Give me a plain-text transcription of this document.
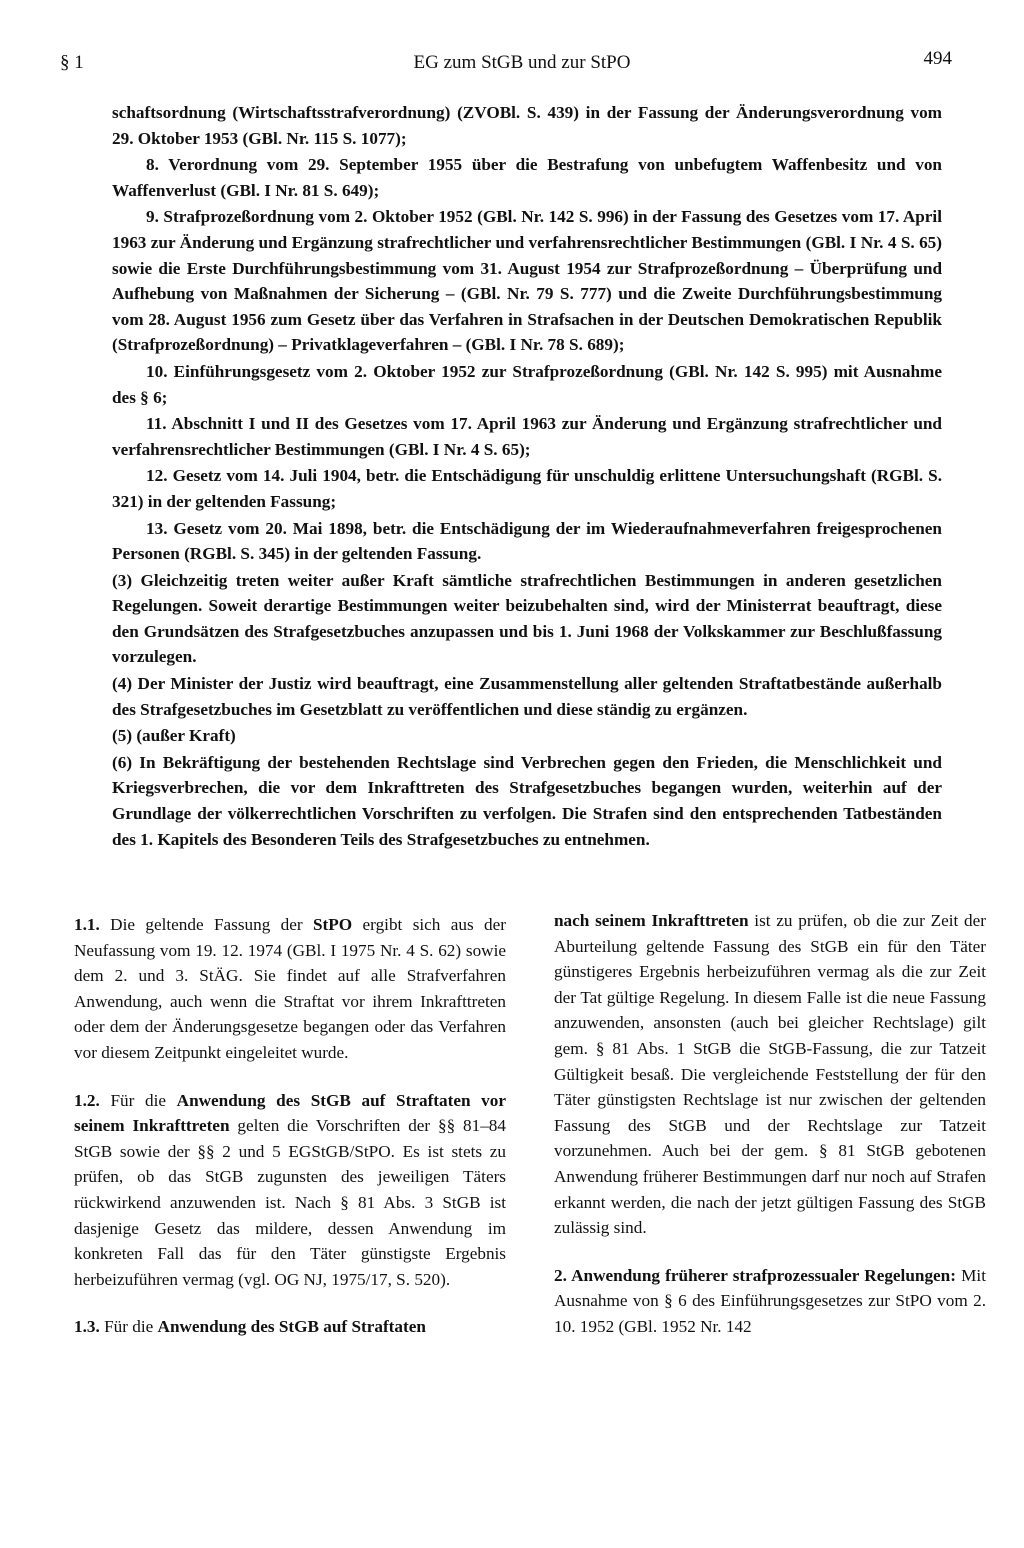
§ 1	EG zum StGB und zur StPO	494

schaftsordnung (Wirtschaftsstrafverordnung) (ZVOBl. S. 439) in der Fassung der Änderungsverordnung vom 29. Oktober 1953 (GBl. Nr. 115 S. 1077);

8. Verordnung vom 29. September 1955 über die Bestrafung von unbefugtem Waffenbesitz und von Waffenverlust (GBl. I Nr. 81 S. 649);

9. Strafprozeßordnung vom 2. Oktober 1952 (GBl. Nr. 142 S. 996) in der Fassung des Gesetzes vom 17. April 1963 zur Änderung und Ergänzung strafrechtlicher und verfahrensrechtlicher Bestimmungen (GBl. I Nr. 4 S. 65) sowie die Erste Durchführungsbestimmung vom 31. August 1954 zur Strafprozeßordnung – Überprüfung und Aufhebung von Maßnahmen der Sicherung – (GBl. Nr. 79 S. 777) und die Zweite Durchführungsbestimmung vom 28. August 1956 zum Gesetz über das Verfahren in Strafsachen in der Deutschen Demokratischen Republik (Strafprozeßordnung) – Privatklageverfahren – (GBl. I Nr. 78 S. 689);

10. Einführungsgesetz vom 2. Oktober 1952 zur Strafprozeßordnung (GBl. Nr. 142 S. 995) mit Ausnahme des § 6;

11. Abschnitt I und II des Gesetzes vom 17. April 1963 zur Änderung und Ergänzung strafrechtlicher und verfahrensrechtlicher Bestimmungen (GBl. I Nr. 4 S. 65);

12. Gesetz vom 14. Juli 1904, betr. die Entschädigung für unschuldig erlittene Untersuchungshaft (RGBl. S. 321) in der geltenden Fassung;

13. Gesetz vom 20. Mai 1898, betr. die Entschädigung der im Wiederaufnahmeverfahren freigesprochenen Personen (RGBl. S. 345) in der geltenden Fassung.

(3) Gleichzeitig treten weiter außer Kraft sämtliche strafrechtlichen Bestimmungen in anderen gesetzlichen Regelungen. Soweit derartige Bestimmungen weiter beizubehalten sind, wird der Ministerrat beauftragt, diese den Grundsätzen des Strafgesetzbuches anzupassen und bis 1. Juni 1968 der Volkskammer zur Beschlußfassung vorzulegen.

(4) Der Minister der Justiz wird beauftragt, eine Zusammenstellung aller geltenden Straftatbestände außerhalb des Strafgesetzbuches im Gesetzblatt zu veröffentlichen und diese ständig zu ergänzen.

(5) (außer Kraft)

(6) In Bekräftigung der bestehenden Rechtslage sind Verbrechen gegen den Frieden, die Menschlichkeit und Kriegsverbrechen, die vor dem Inkrafttreten des Strafgesetzbuches begangen wurden, weiterhin auf der Grundlage der völkerrechtlichen Vorschriften zu verfolgen. Die Strafen sind den entsprechenden Tatbeständen des 1. Kapitels des Besonderen Teils des Strafgesetzbuches zu entnehmen.

1.1. Die geltende Fassung der StPO ergibt sich aus der Neufassung vom 19. 12. 1974 (GBl. I 1975 Nr. 4 S. 62) sowie dem 2. und 3. StÄG. Sie findet auf alle Strafverfahren Anwendung, auch wenn die Straftat vor ihrem Inkrafttreten oder dem der Änderungsgesetze begangen oder das Verfahren vor diesem Zeitpunkt eingeleitet wurde.

1.2. Für die Anwendung des StGB auf Straftaten vor seinem Inkrafttreten gelten die Vorschriften der §§ 81–84 StGB sowie der §§ 2 und 5 EGStGB/StPO. Es ist stets zu prüfen, ob das StGB zugunsten des jeweiligen Täters rückwirkend anzuwenden ist. Nach § 81 Abs. 3 StGB ist dasjenige Gesetz das mildere, dessen Anwendung im konkreten Fall das für den Täter günstigste Ergebnis herbeizuführen vermag (vgl. OG NJ, 1975/17, S. 520).

1.3. Für die Anwendung des StGB auf Straftaten

nach seinem Inkrafttreten ist zu prüfen, ob die zur Zeit der Aburteilung geltende Fassung des StGB ein für den Täter günstigeres Ergebnis herbeizuführen vermag als die zur Zeit der Tat gültige Regelung. In diesem Falle ist die neue Fassung anzuwenden, ansonsten (auch bei gleicher Rechtslage) gilt gem. § 81 Abs. 1 StGB die StGB-Fassung, die zur Tatzeit Gültigkeit besaß. Die vergleichende Feststellung der für den Täter günstigsten Rechtslage ist nur zwischen der geltenden Fassung des StGB und der Rechtslage zur Tatzeit vorzunehmen. Auch bei der gem. § 81 StGB gebotenen Anwendung früherer Bestimmungen darf nur noch auf Strafen erkannt werden, die nach der jetzt gültigen Fassung des StGB zulässig sind.

2. Anwendung früherer strafprozessualer Regelungen: Mit Ausnahme von § 6 des Einführungsgesetzes zur StPO vom 2. 10. 1952 (GBl. 1952 Nr. 142
